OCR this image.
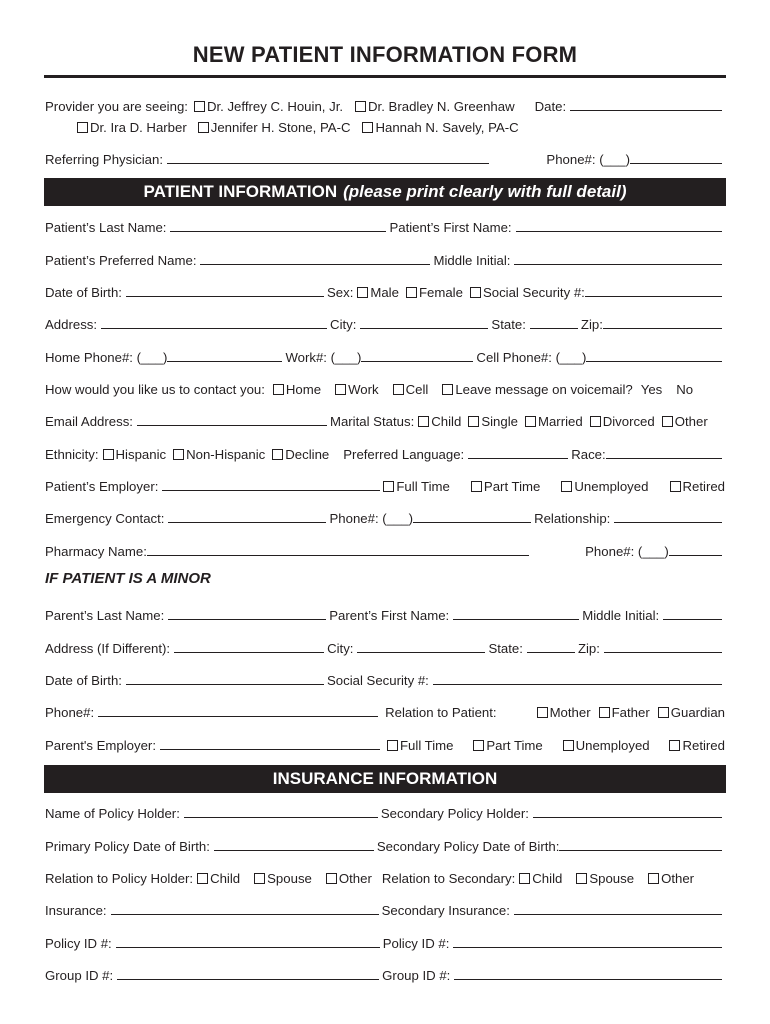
NEW PATIENT INFORMATION FORM
Provider you are seeing: Dr. Jeffrey C. Houin, Jr. Dr. Bradley N. Greenhaw Date:
Dr. Ira D. Harber Jennifer H. Stone, PA-C Hannah N. Savely, PA-C
Referring Physician:	Phone#: (___)
PATIENT INFORMATION (please print clearly with full detail)
Patient’s Last Name:	Patient’s First Name:
Patient’s Preferred Name:	Middle Initial:
Date of Birth:	Sex: Male Female Social Security #:
Address:	City:	State:	Zip:
Home Phone#: (___)	Work#: (___)	Cell Phone#: (___)
How would you like us to contact you: Home Work Cell Leave message on voicemail? Yes No
Email Address:	Marital Status: Child Single Married Divorced Other
Ethnicity: Hispanic Non-Hispanic Decline Preferred Language:	Race:
Patient’s Employer:	Full Time	Part Time	Unemployed	Retired
Emergency Contact:	Phone#: (___)	Relationship:
Pharmacy Name:	Phone#: (___)
IF PATIENT IS A MINOR
Parent’s Last Name:	Parent’s First Name:	Middle Initial:
Address (If Different):	City:	State:	Zip:
Date of Birth:	Social Security #:
Phone#:	Relation to Patient:	Mother Father Guardian
Parent's Employer:	Full Time Part Time Unemployed Retired
INSURANCE INFORMATION
Name of Policy Holder:	Secondary Policy Holder:
Primary Policy Date of Birth:	Secondary Policy Date of Birth:
Relation to Policy Holder: Child Spouse Other Relation to Secondary: Child Spouse Other
Insurance:	Secondary Insurance:
Policy ID #:	Policy ID #:
Group ID #:	Group ID #:
